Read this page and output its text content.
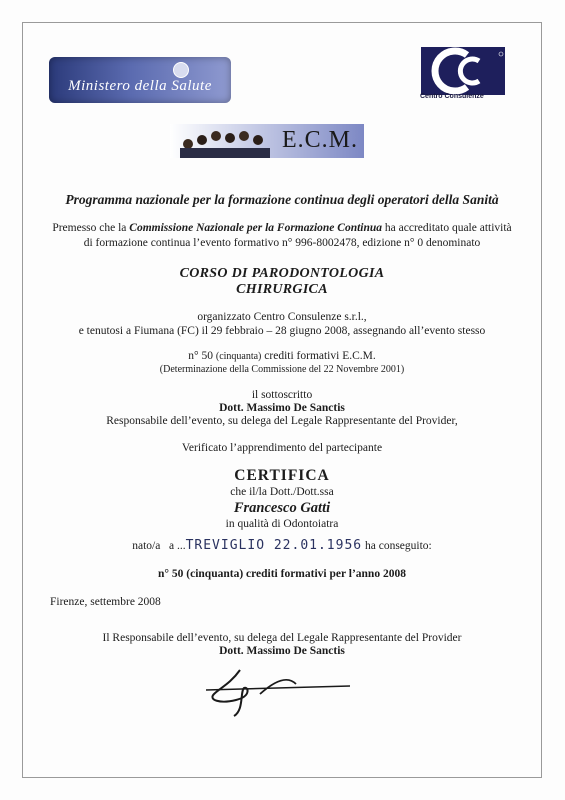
Ministero della Salute
Centro Consulenze
E.C.M.
Programma nazionale per la formazione continua degli operatori della Sanità
Premesso che la Commissione Nazionale per la Formazione Continua ha accreditato quale attività
di formazione continua l’evento formativo n° 996-8002478, edizione n° 0 denominato
CORSO DI PARODONTOLOGIA
CHIRURGICA
organizzato Centro Consulenze s.r.l.,
e tenutosi a Fiumana (FC) il 29 febbraio – 28 giugno 2008, assegnando all’evento stesso
n° 50 (cinquanta) crediti formativi E.C.M.
(Determinazione della Commissione del 22 Novembre 2001)
il sottoscritto
Dott. Massimo De Sanctis
Responsabile dell’evento, su delega del Legale Rappresentante del Provider,
Verificato l’apprendimento del partecipante
CERTIFICA
che il/la Dott./Dott.ssa
Francesco Gatti
in qualità di Odontoiatra
nato/a a ...TREVIGLIO 22.01.1956 ha conseguito:
n° 50 (cinquanta) crediti formativi per l’anno 2008
Firenze, settembre 2008
Il Responsabile dell’evento, su delega del Legale Rappresentante del Provider
Dott. Massimo De Sanctis
